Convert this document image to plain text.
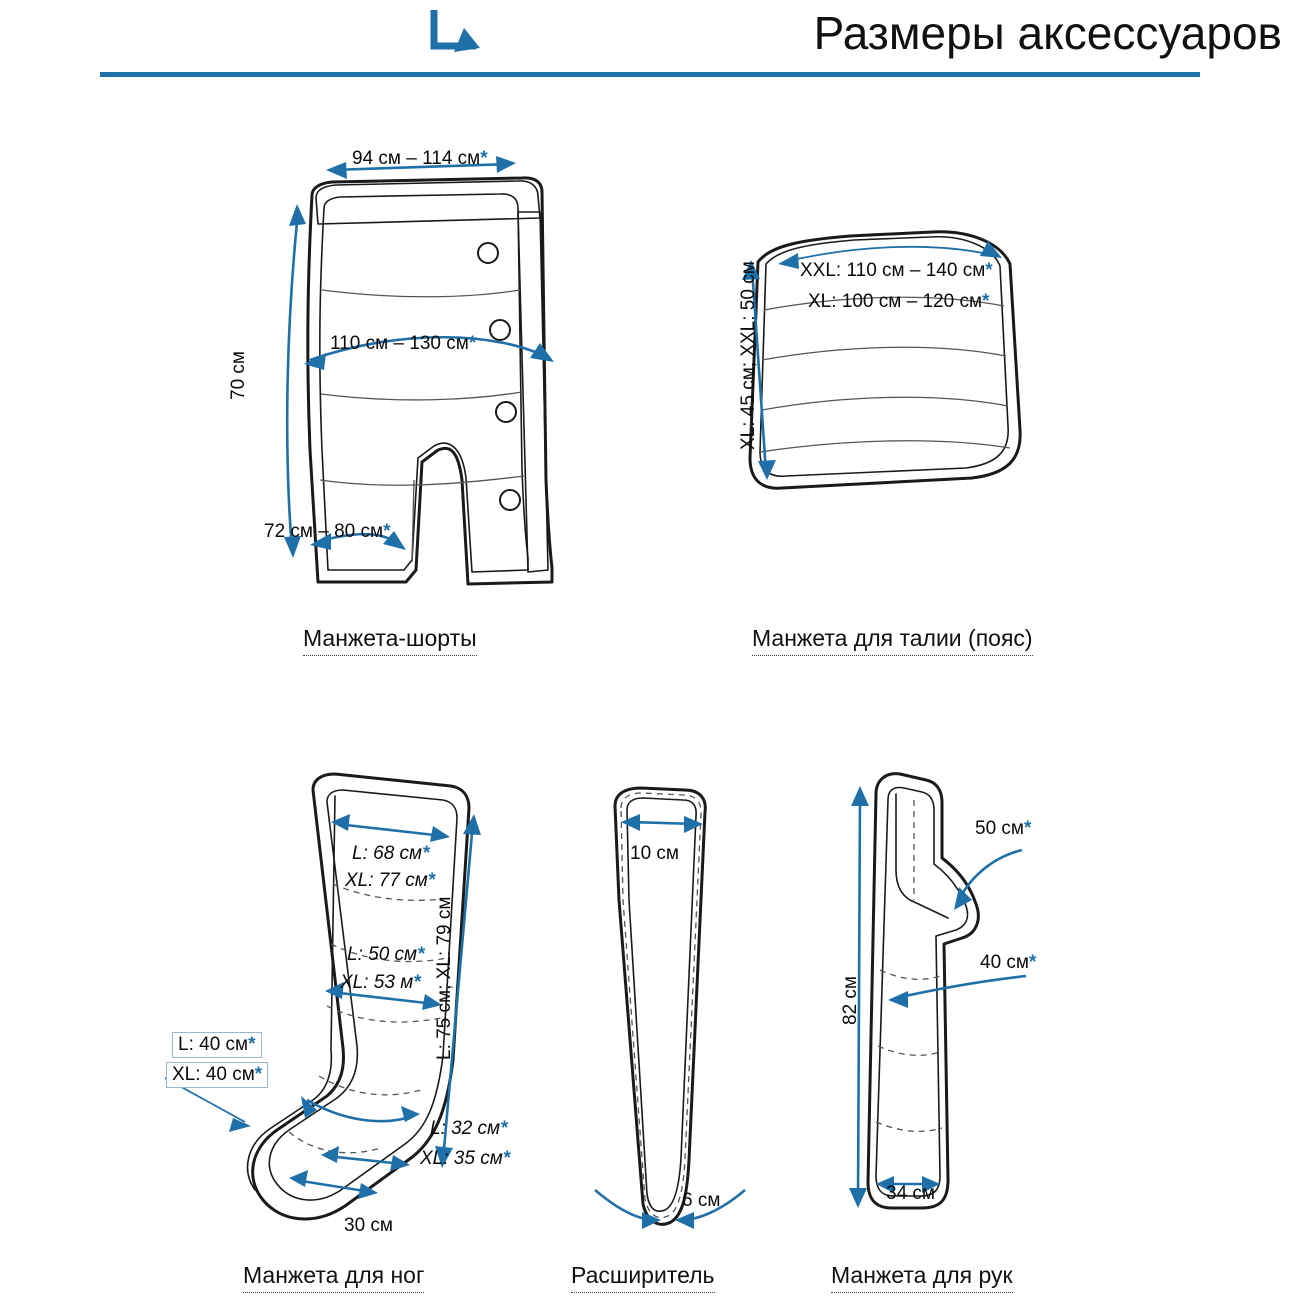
Размеры аксессуаров
94 см – 114 см*
70 см
110 см – 130 см*
72 см – 80 см*
Манжета-шорты
XXL: 110 см – 140 см*
XL: 100 см – 120 см*
XL: 45 см; XXL: 50 см
Манжета для талии (пояс)
L: 68 см*
XL: 77 см*
L: 50 см*
XL: 53 м* L: 75 см; XL: 79 см
L: 40 см*
XL: 40 см*
L: 32 см*
XL: 35 см*
30 см
Манжета для ног
10 см
6 см
Расширитель
50 см*
40 см*
82 см
34 см
Манжета для рук
